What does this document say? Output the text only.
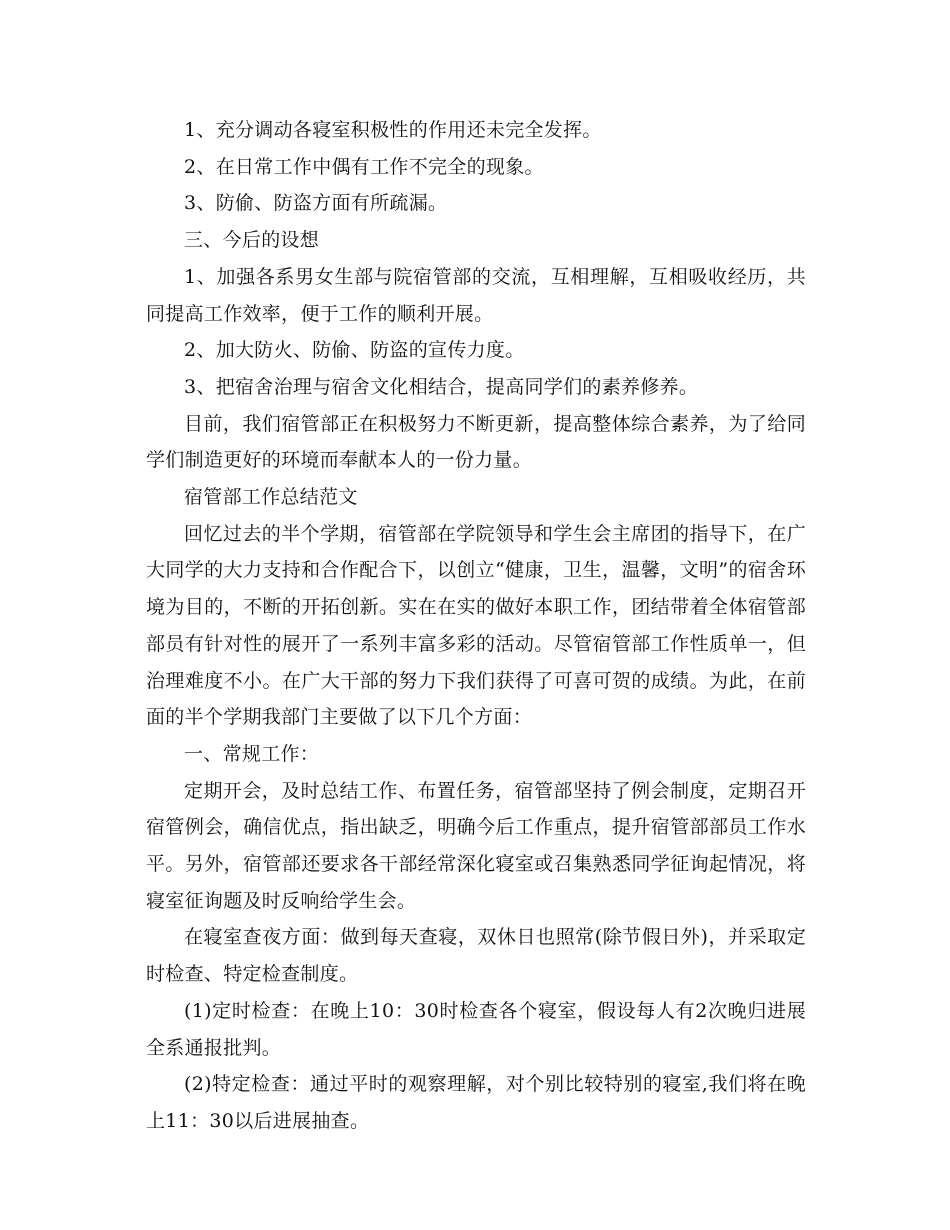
1、充分调动各寝室积极性的作用还未完全发挥。

2、在日常工作中偶有工作不完全的现象。

3、防偷、防盗方面有所疏漏。

三、今后的设想

1、加强各系男女生部与院宿管部的交流，互相理解，互相吸收经历，共同提高工作效率，便于工作的顺利开展。

2、加大防火、防偷、防盗的宣传力度。

3、把宿舍治理与宿舍文化相结合，提高同学们的素养修养。

目前，我们宿管部正在积极努力不断更新，提高整体综合素养，为了给同学们制造更好的环境而奉献本人的一份力量。

宿管部工作总结范文

回忆过去的半个学期，宿管部在学院领导和学生会主席团的指导下，在广大同学的大力支持和合作配合下，以创立“健康，卫生，温馨，文明”的宿舍环境为目的，不断的开拓创新。实在在实的做好本职工作，团结带着全体宿管部部员有针对性的展开了一系列丰富多彩的活动。尽管宿管部工作性质单一，但治理难度不小。在广大干部的努力下我们获得了可喜可贺的成绩。为此，在前面的半个学期我部门主要做了以下几个方面：

一、常规工作：

定期开会，及时总结工作、布置任务，宿管部坚持了例会制度，定期召开宿管例会，确信优点，指出缺乏，明确今后工作重点，提升宿管部部员工作水平。另外，宿管部还要求各干部经常深化寝室或召集熟悉同学征询起情况，将寝室征询题及时反响给学生会。

在寝室查夜方面：做到每天查寝，双休日也照常(除节假日外)，并采取定时检查、特定检查制度。

(1)定时检查：在晚上10：30时检查各个寝室，假设每人有2次晚归进展全系通报批判。

(2)特定检查：通过平时的观察理解，对个别比较特别的寝室,我们将在晚上11：30以后进展抽查。
